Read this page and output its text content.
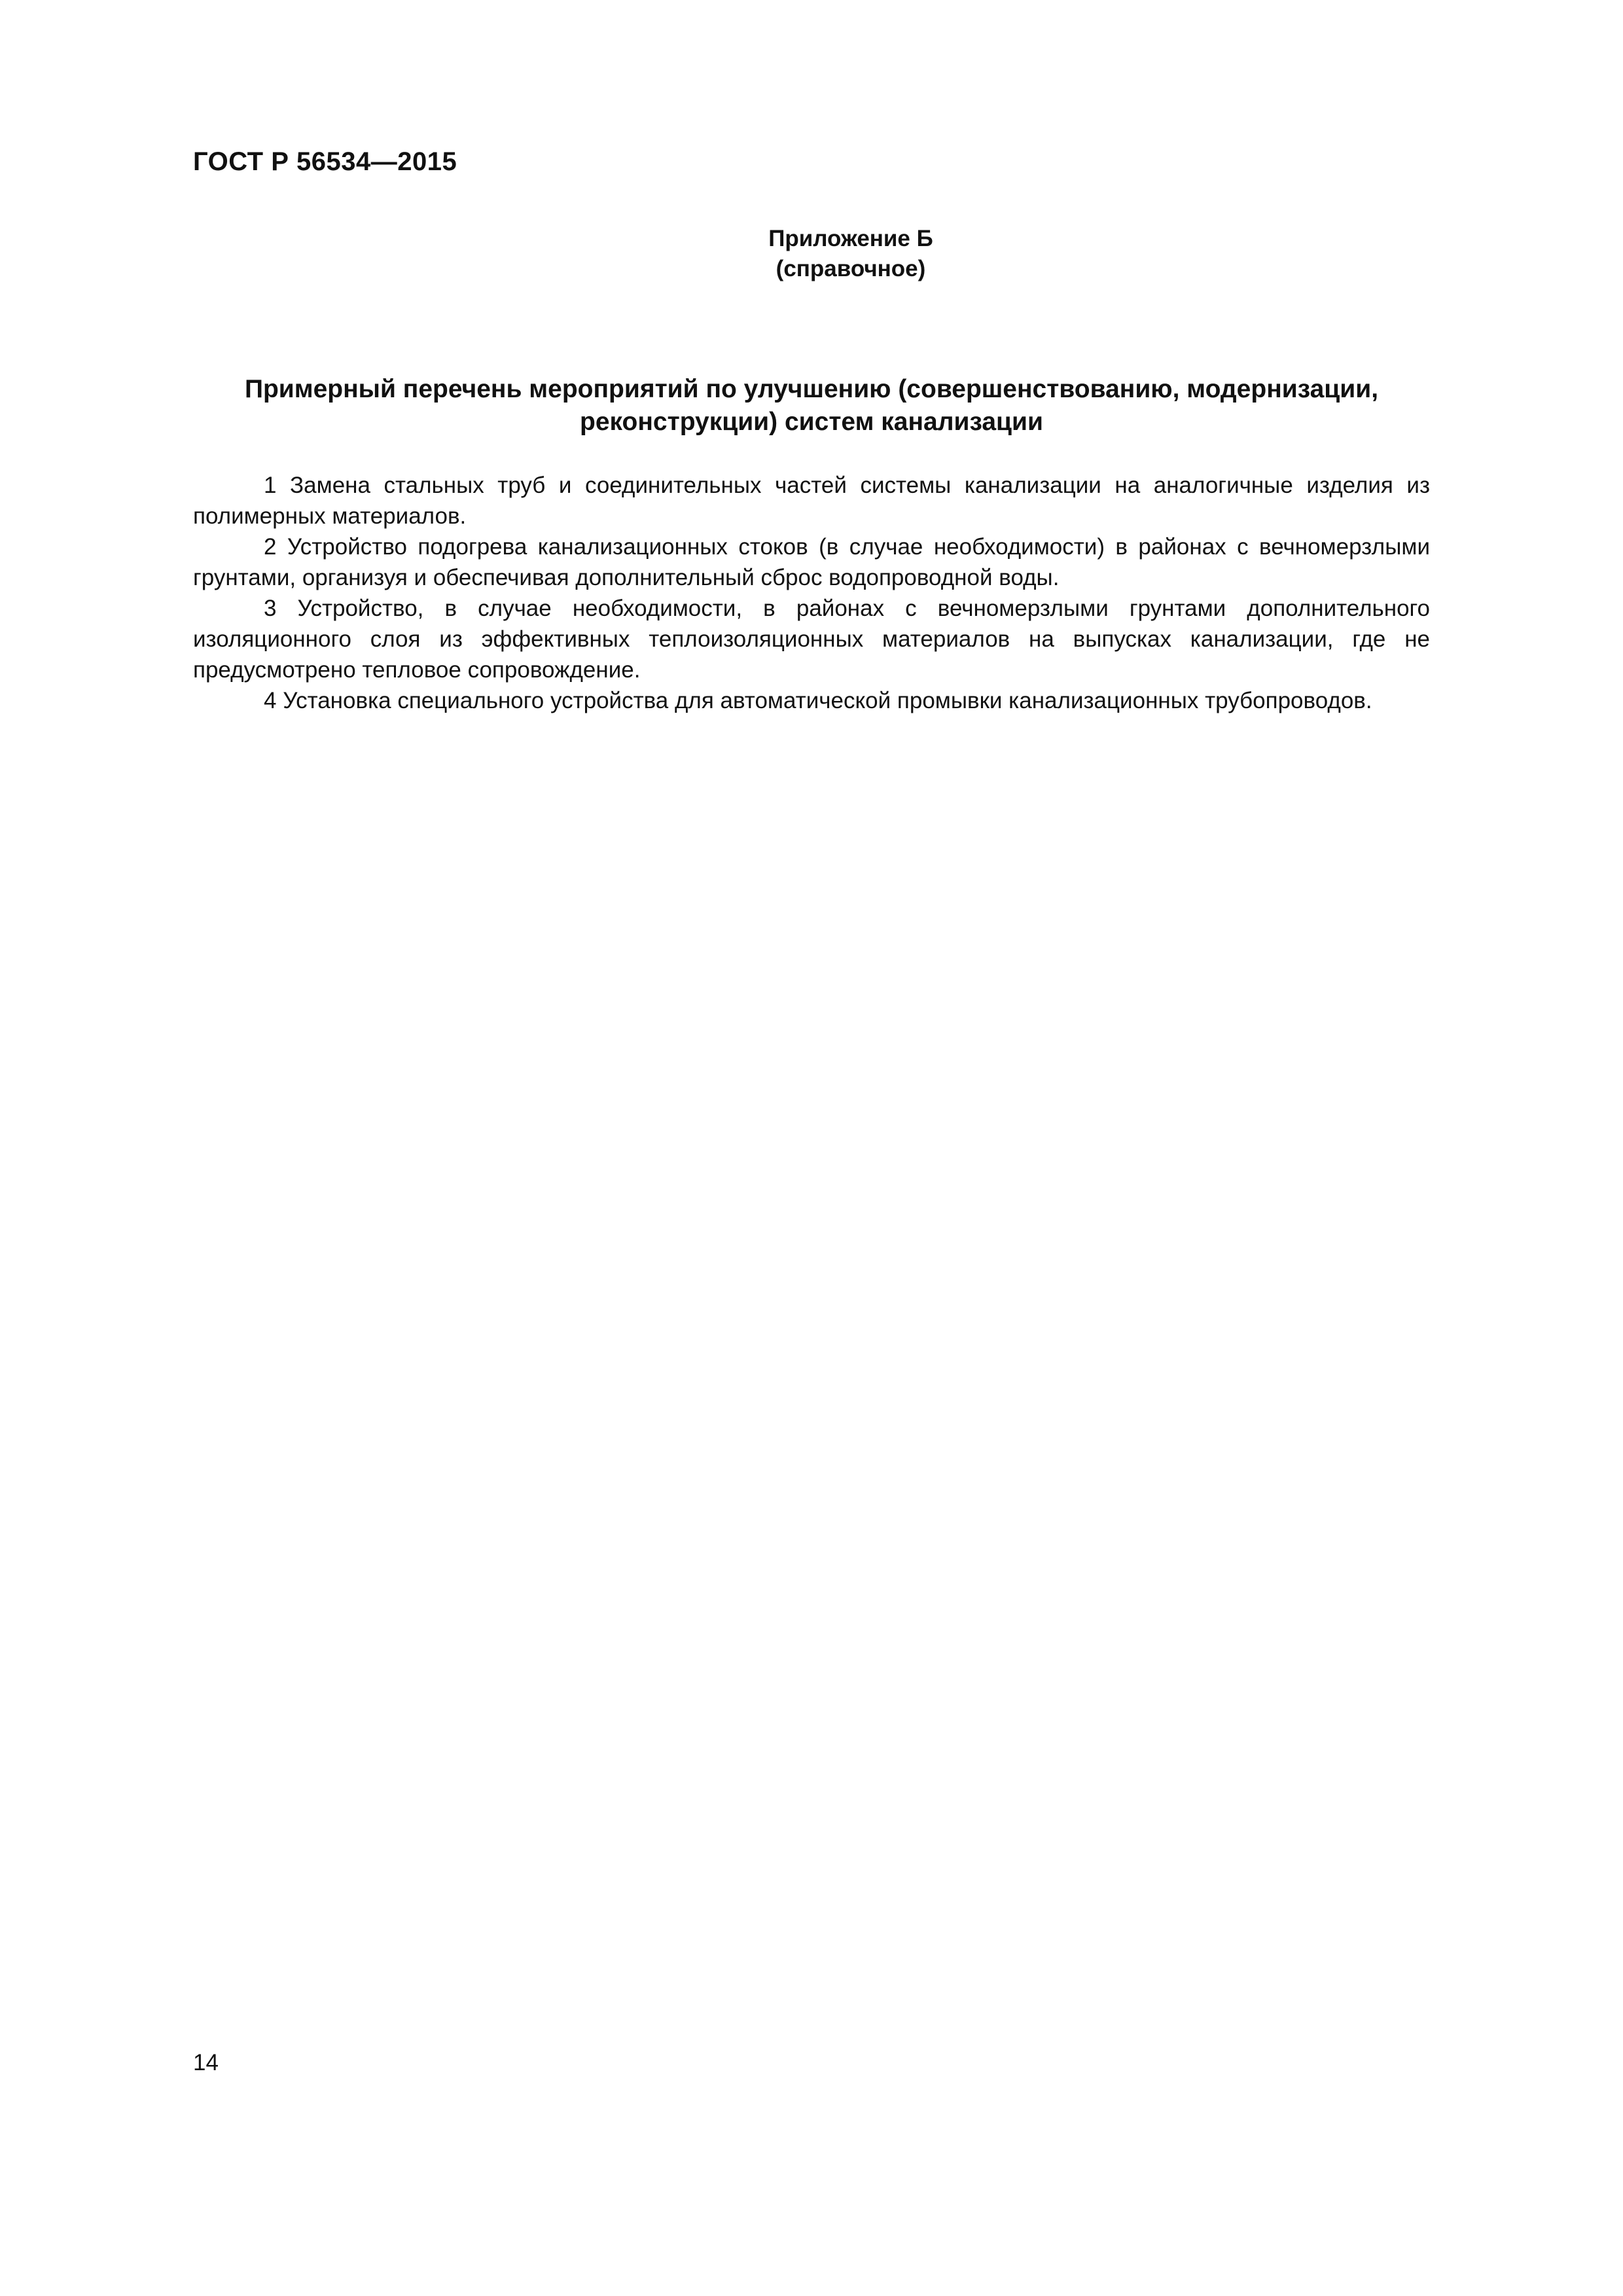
ГОСТ Р 56534—2015
Приложение Б
(справочное)
Примерный перечень мероприятий по улучшению (совершенствованию, модернизации,
реконструкции) систем канализации

1 Замена стальных труб и соединительных частей системы канализации на аналогичные изделия из полимерных материалов.

2 Устройство подогрева канализационных стоков (в случае необходимости) в районах с вечномерзлыми грунтами, организуя и обеспечивая дополнительный сброс водопроводной воды.

3 Устройство, в случае необходимости, в районах с вечномерзлыми грунтами дополнительного изоляционного слоя из эффективных теплоизоляционных материалов на выпусках канализации, где не предусмотрено тепловое сопровождение.

4 Установка специального устройства для автоматической промывки канализационных трубопроводов.

14
